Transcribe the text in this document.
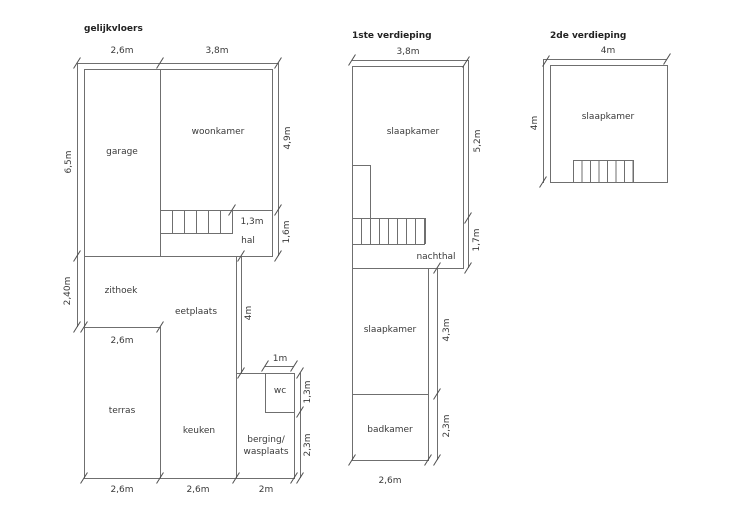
gelijkvloers
2,6m	3,8m
6,5m
4,9m
1,3m 1,6m
2,40m
2,6m
4m
1m
1,3m
2,3m
2,6m	2,6m	2m
garage
woonkamer
hal
zithoek
eetplaats
terras
keuken
wc
berging/
wasplaats
1ste verdieping
3,8m
5,2m
1,7m
4,3m
2,3m
2,6m
slaapkamer
nachthal
slaapkamer
badkamer
2de verdieping
4m
4m	slaapkamer
